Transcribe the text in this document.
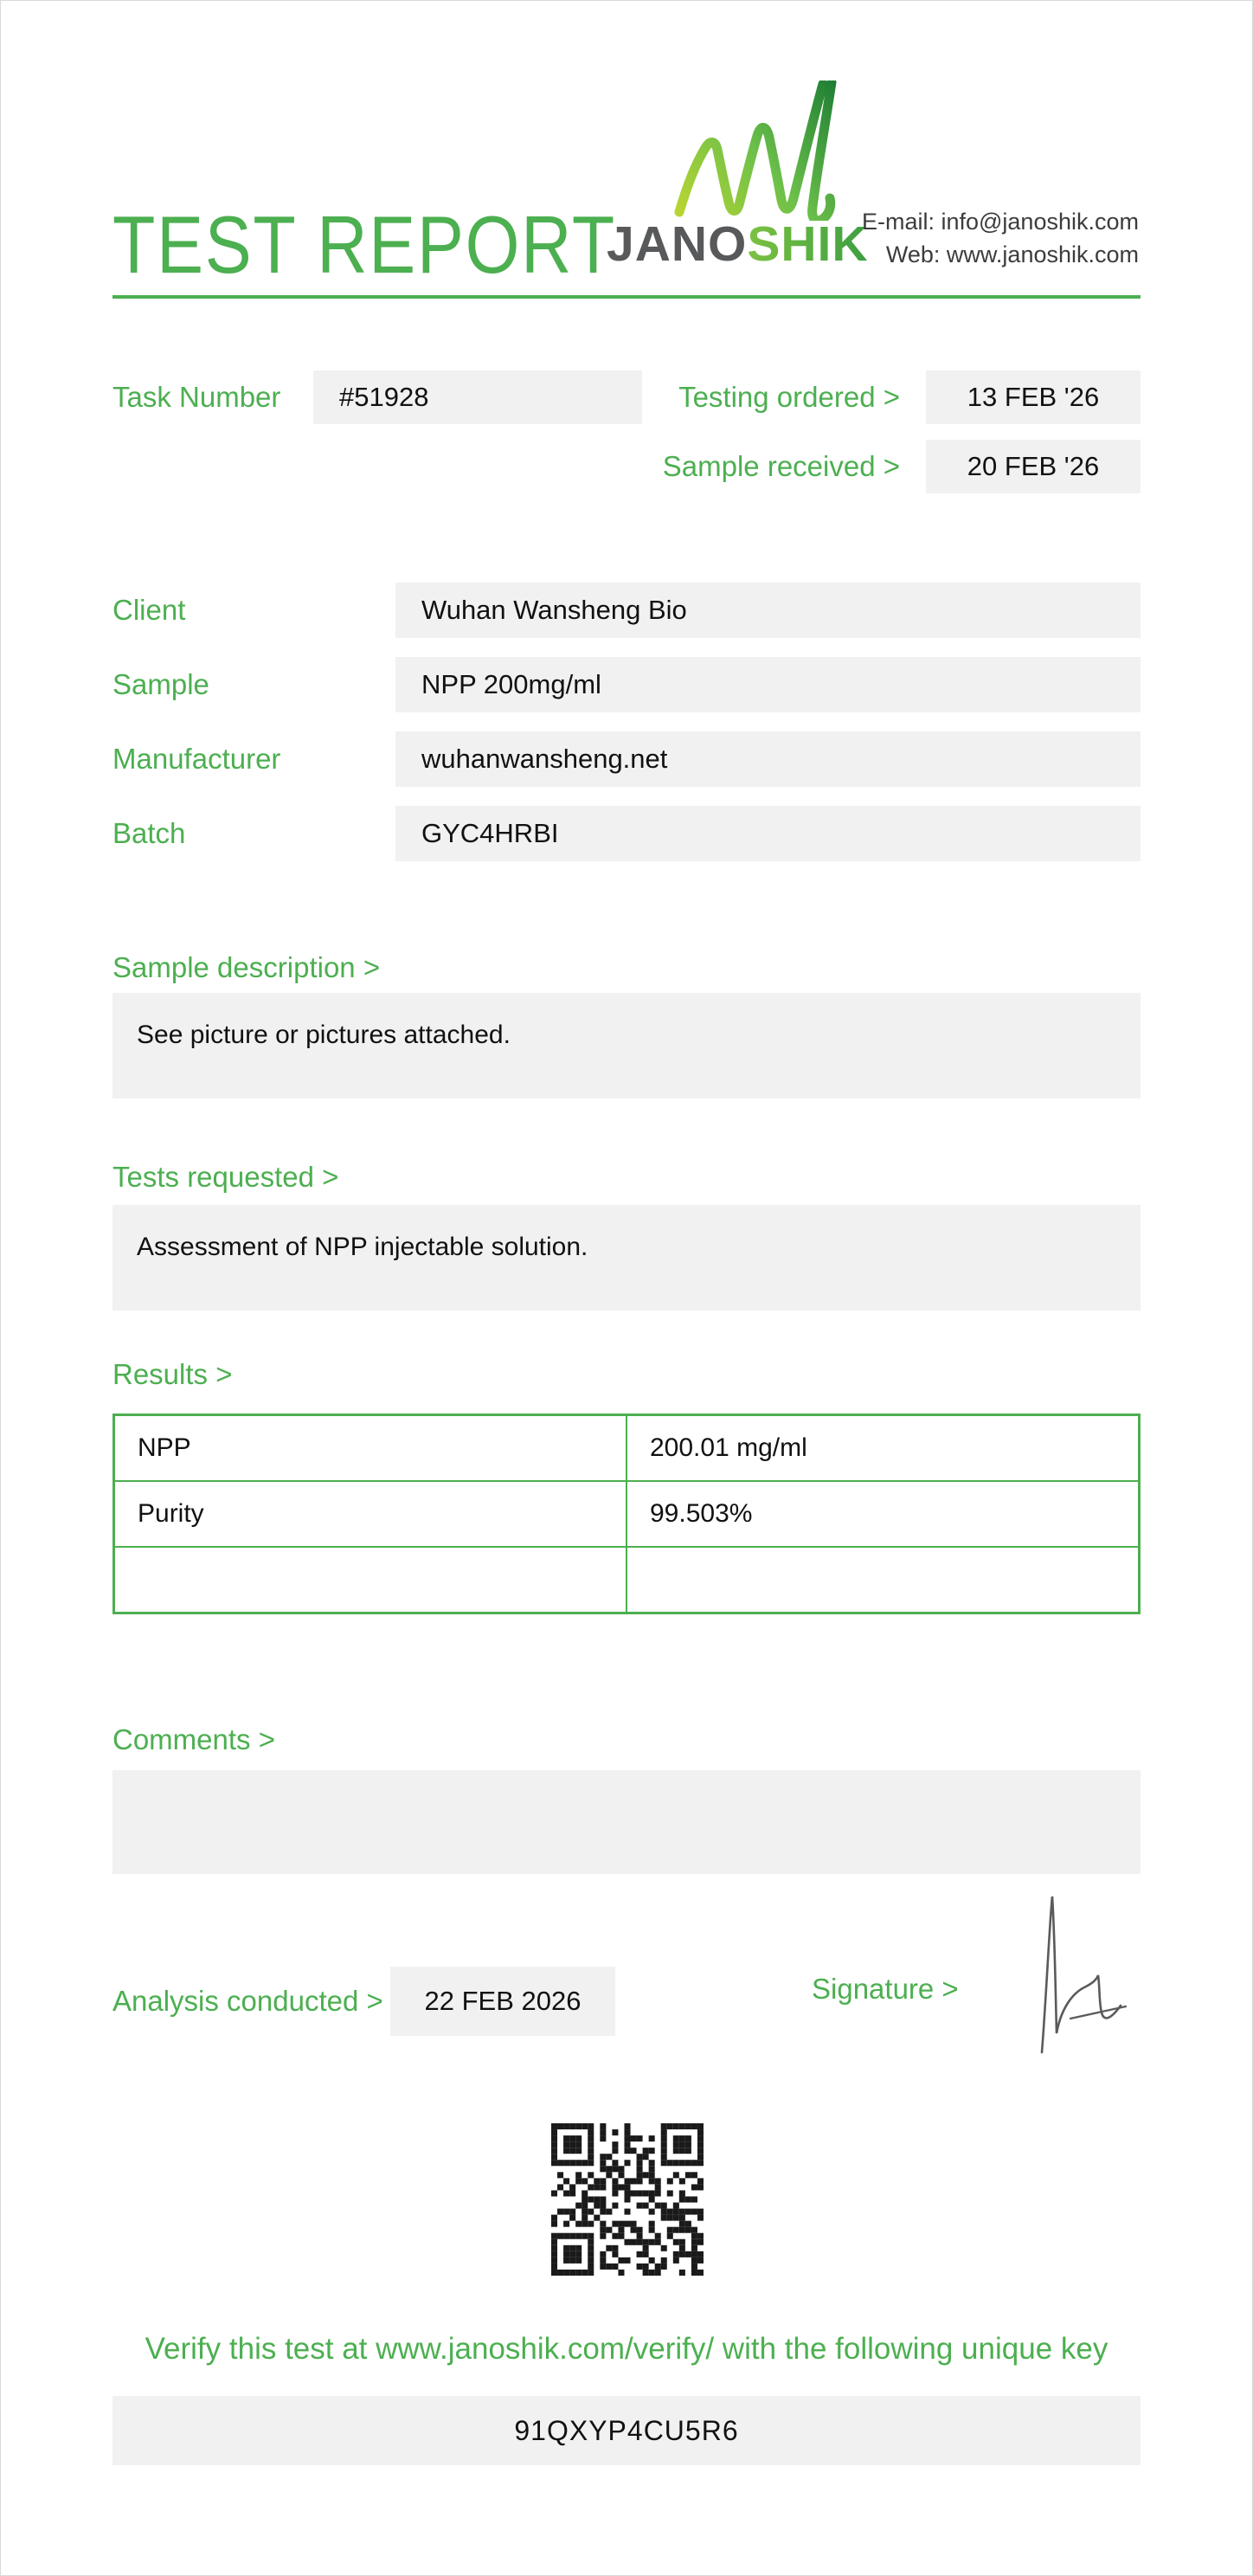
TEST REPORT
JANOSHIK
E-mail: info@janoshik.com
Web: www.janoshik.com
Task Number	#51928	Testing ordered >	13 FEB '26
Sample received >	20 FEB '26
Client	Wuhan Wansheng Bio
Sample	NPP 200mg/ml
Manufacturer	wuhanwansheng.net
Batch	GYC4HRBI
Sample description >
See picture or pictures attached.
Tests requested >
Assessment of NPP injectable solution.
Results >
NPP	200.01 mg/ml
Purity	99.503%

Comments >
Signature >
Analysis conducted >	22 FEB 2026
Verify this test at www.janoshik.com/verify/ with the following unique key
91QXYP4CU5R6
